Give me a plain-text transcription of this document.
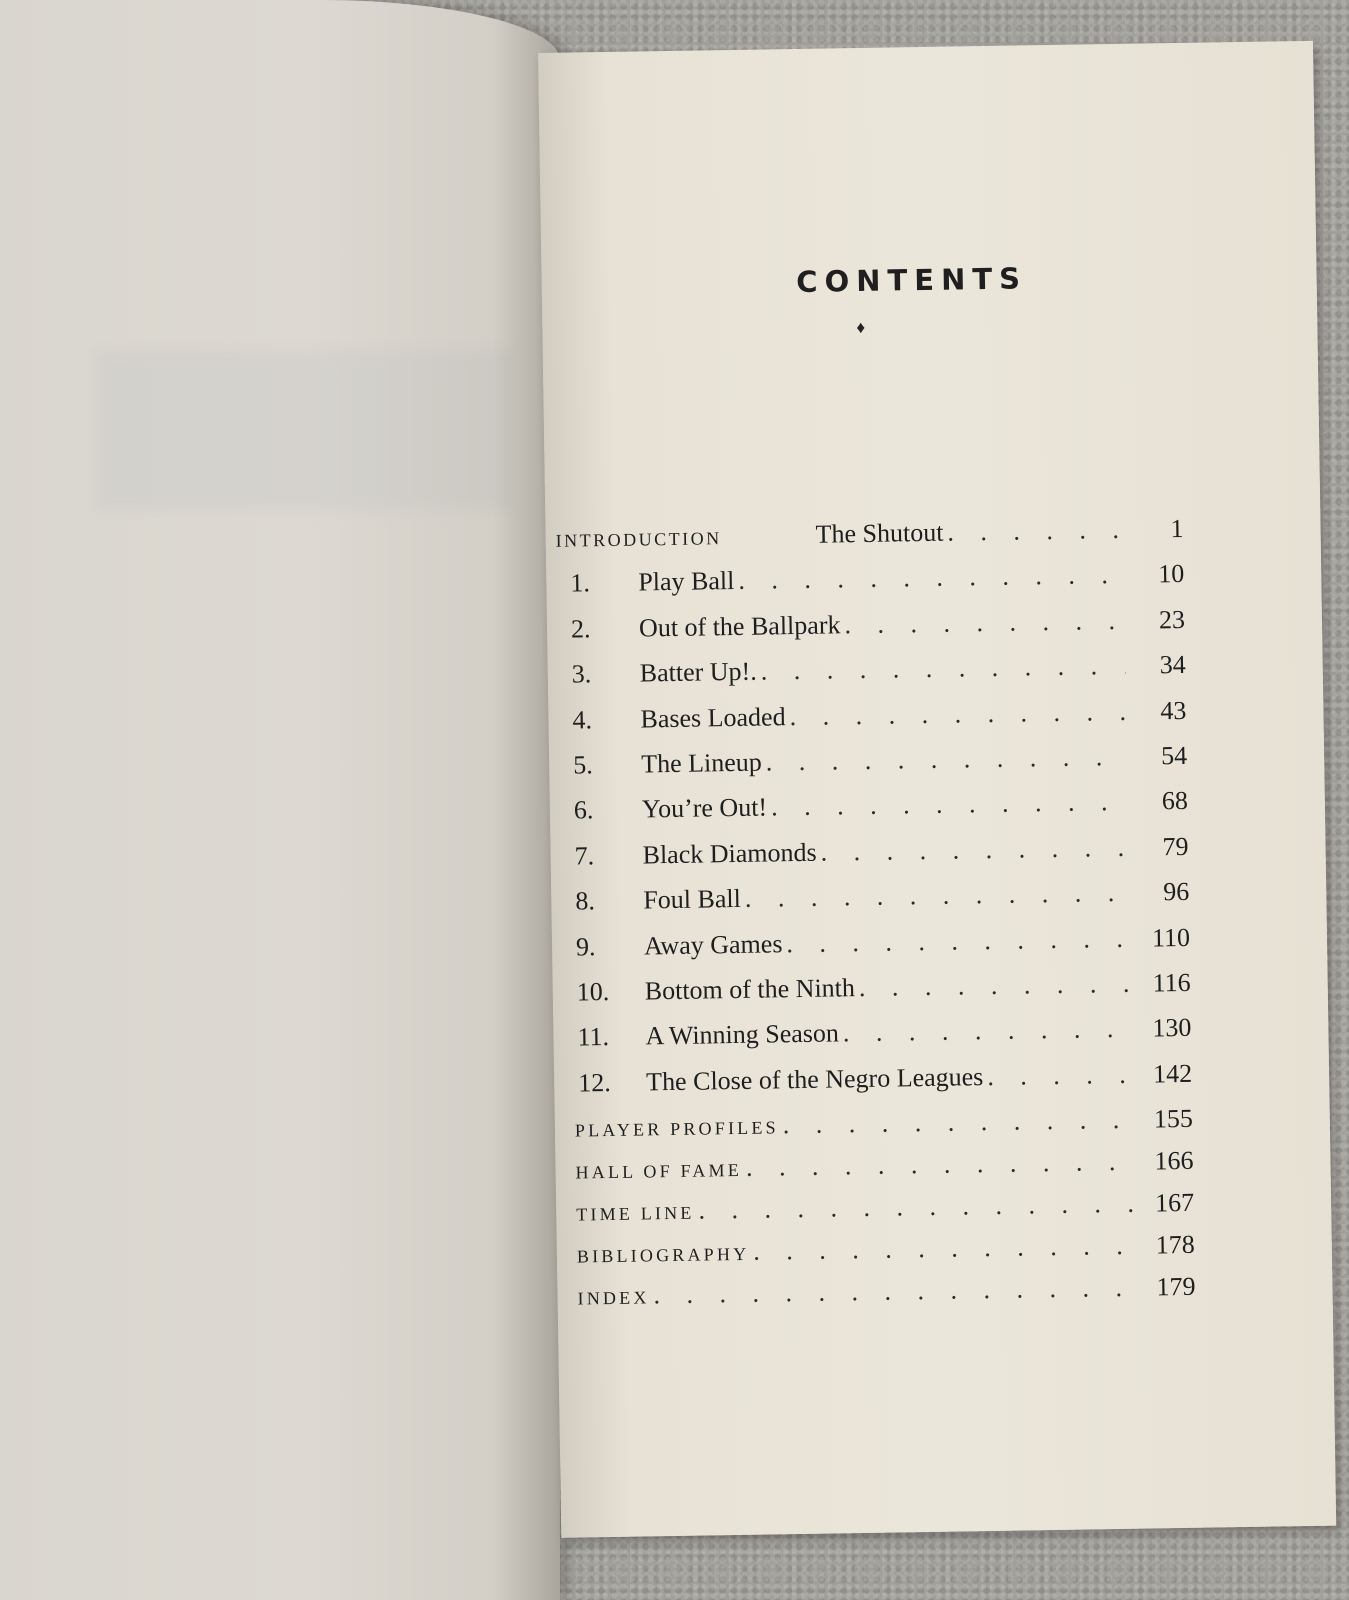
CONTENTS
♦
INTRODUCTION	The Shutout . . .	1
1.	Play Ball . . .	10
2.	Out of the Ballpark . . .	23
3.	Batter Up!. . . .	34
4.	Bases Loaded . . .	43
5.	The Lineup . . .	54
6.	You’re Out! . . .	68
7.	Black Diamonds . . .	79
8.	Foul Ball . . .	96
9.	Away Games . . .	110
10.	Bottom of the Ninth . . .	116
11.	A Winning Season . . .	130
12.	The Close of the Negro Leagues . . .	142
PLAYER PROFILES . . .	155
HALL OF FAME . . .	166
TIME LINE . . .	167
BIBLIOGRAPHY . . .	178
INDEX . . .	179
